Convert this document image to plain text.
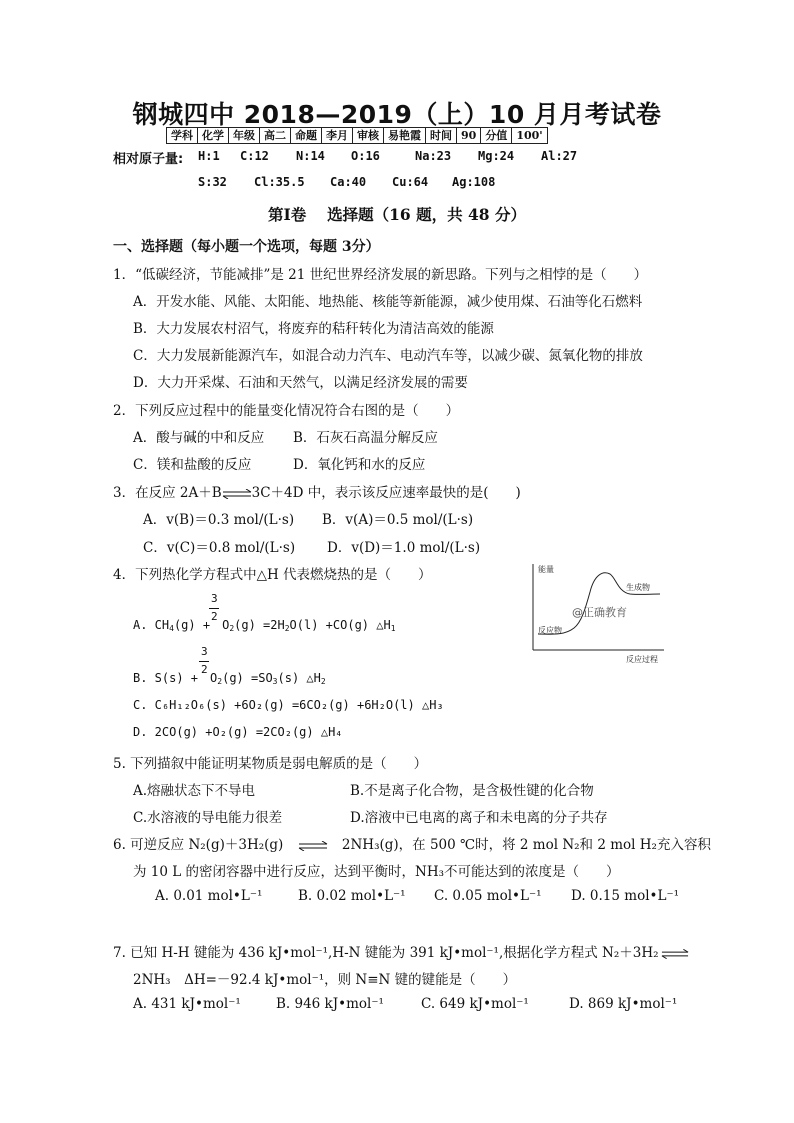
钢城四中 2018—2019（上）10 月月考试卷
学科	化学	年级	高二	命题	李月	审核	易艳霞	时间	90	分值	100'
相对原子量: H:1 C:12 N:14 O:16	Na:23 Mg:24 Al:27
S:32 Cl:35.5 Ca:40 Cu:64 Ag:108
第Ⅰ卷　 选择题（16 题，共 48 分）
一、选择题（每小题一个选项，每题 3分）
1．“低碳经济，节能减排”是 21 世纪世界经济发展的新思路。下列与之相悖的是（　　）
A．开发水能、风能、太阳能、地热能、核能等新能源，减少使用煤、石油等化石燃料
B．大力发展农村沼气，将废弃的秸秆转化为清洁高效的能源
C．大力发展新能源汽车，如混合动力汽车、电动汽车等，以减少碳、氮氧化物的排放
D．大力开采煤、石油和天然气，以满足经济发展的需要
2．下列反应过程中的能量变化情况符合右图的是（　　）
A．酸与碱的中和反应 B．石灰石高温分解反应
C．镁和盐酸的反应	D．氧化钙和水的反应
3．在反应 2A＋B⇌3C＋4D 中，表示该反应速率最快的是(　　)
A．v(B)＝0.3 mol/(L·s) B．v(A)＝0.5 mol/(L·s)
C．v(C)＝0.8 mol/(L·s) D．v(D)＝1.0 mol/(L·s)
4．下列热化学方程式中△H 代表燃烧热的是（　　）
3
2
A. $CH_4(g) + O_2(g) =2H_2O(l) +CO(g)$ $\triangle H_1$
3
2
B. $S(s) + O_2(g) =SO_3(s)$ $\triangle H_2$
C. C₆H₁₂O₆(s) +6O₂(g) =6CO₂(g) +6H₂O(l) △H₃
D. 2CO(g) +O₂(g) =2CO₂(g) △H₄
能量
生成物
@正确教育
反应物
反应过程
5. 下列描叙中能证明某物质是弱电解质的是（　　）
A.熔融状态下不导电	B.不是离子化合物，是含极性键的化合物
C.水溶液的导电能力很差	D.溶液中已电离的离子和未电离的分子共存
6. 可逆反应 N₂(g)＋3H₂(g) ⇌ 2NH₃(g)，在 500 ℃时，将 2 mol N₂和 2 mol H₂充入容积
为 10 L 的密闭容器中进行反应，达到平衡时，NH₃不可能达到的浓度是（　　）
A. 0.01 mol•L⁻¹	B. 0.02 mol•L⁻¹ C. 0.05 mol•L⁻¹ D. 0.15 mol•L⁻¹
7. 已知 H-H 键能为 436 kJ•mol⁻¹,H-N 键能为 391 kJ•mol⁻¹,根据化学方程式 N₂＋3H₂ ⇌
2NH₃　ΔH=－92.4 kJ•mol⁻¹，则 N≡N 键的键能是（　　）
A. 431 kJ•mol⁻¹	B. 946 kJ•mol⁻¹	C. 649 kJ•mol⁻¹	D. 869 kJ•mol⁻¹
